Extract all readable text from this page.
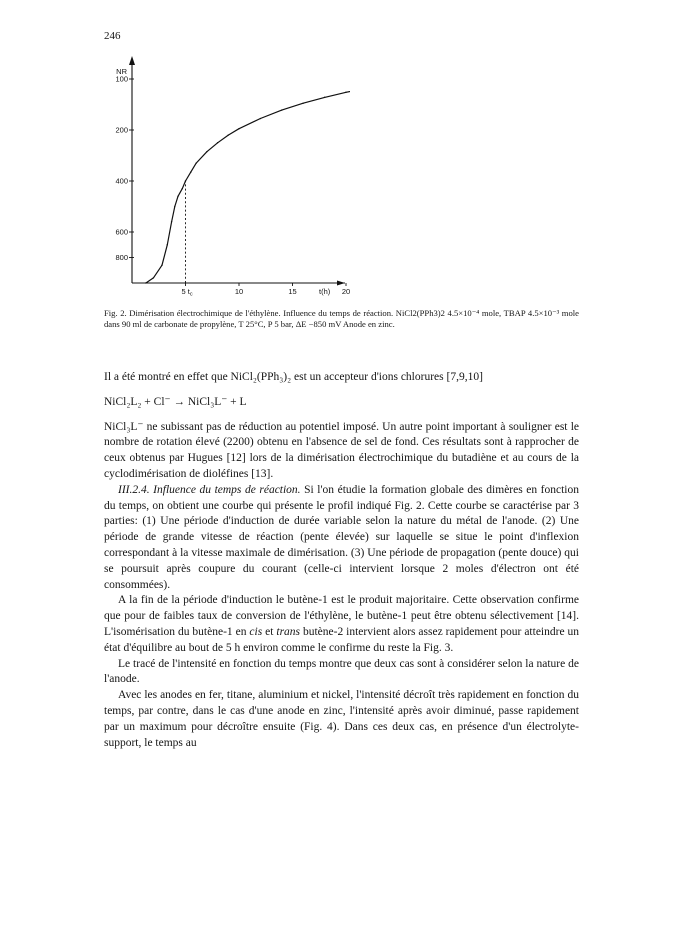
246
NR
t(h)
800
600
400
200
100
5 $t_c$	10	15	20
Fig. 2. Dimérisation électrochimique de l'éthylène. Influence du temps de réaction. NiCl2(PPh3)2 4.5×10⁻⁴ mole, TBAP 4.5×10⁻³ mole dans 90 ml de carbonate de propylène, T 25°C, P 5 bar, ΔE −850 mV Anode en zinc.

Il a été montré en effet que NiCl₂(PPh₃)₂ est un accepteur d'ions chlorures [7,9,10]

NiCl₂L₂ + Cl⁻ → NiCl₃L⁻ + L

NiCl₃L⁻ ne subissant pas de réduction au potentiel imposé. Un autre point important à souligner est le nombre de rotation élevé (2200) obtenu en l'absence de sel de fond. Ces résultats sont à rapprocher de ceux obtenus par Hugues [12] lors de la dimérisation électrochimique du butadiène et au cours de la cyclodimérisation de dioléfines [13].

III.2.4. Influence du temps de réaction. Si l'on étudie la formation globale des dimères en fonction du temps, on obtient une courbe qui présente le profil indiqué Fig. 2. Cette courbe se caractérise par 3 parties: (1) Une période d'induction de durée variable selon la nature du métal de l'anode. (2) Une période de grande vitesse de réaction (pente élevée) sur laquelle se situe le point d'inflexion correspondant à la vitesse maximale de dimérisation. (3) Une période de propagation (pente douce) qui se poursuit après coupure du courant (celle-ci intervient lorsque 2 moles d'électron ont été consommées).

A la fin de la période d'induction le butène-1 est le produit majoritaire. Cette observation confirme que pour de faibles taux de conversion de l'éthylène, le butène-1 peut être obtenu sélectivement [14]. L'isomérisation du butène-1 en cis et trans butène-2 intervient alors assez rapidement pour atteindre un état d'équilibre au bout de 5 h environ comme le confirme du reste la Fig. 3.

Le tracé de l'intensité en fonction du temps montre que deux cas sont à considérer selon la nature de l'anode.

Avec les anodes en fer, titane, aluminium et nickel, l'intensité décroît très rapidement en fonction du temps, par contre, dans le cas d'une anode en zinc, l'intensité après avoir diminué, passe rapidement par un maximum pour décroître ensuite (Fig. 4). Dans ces deux cas, en présence d'un électrolyte-support, le temps au
